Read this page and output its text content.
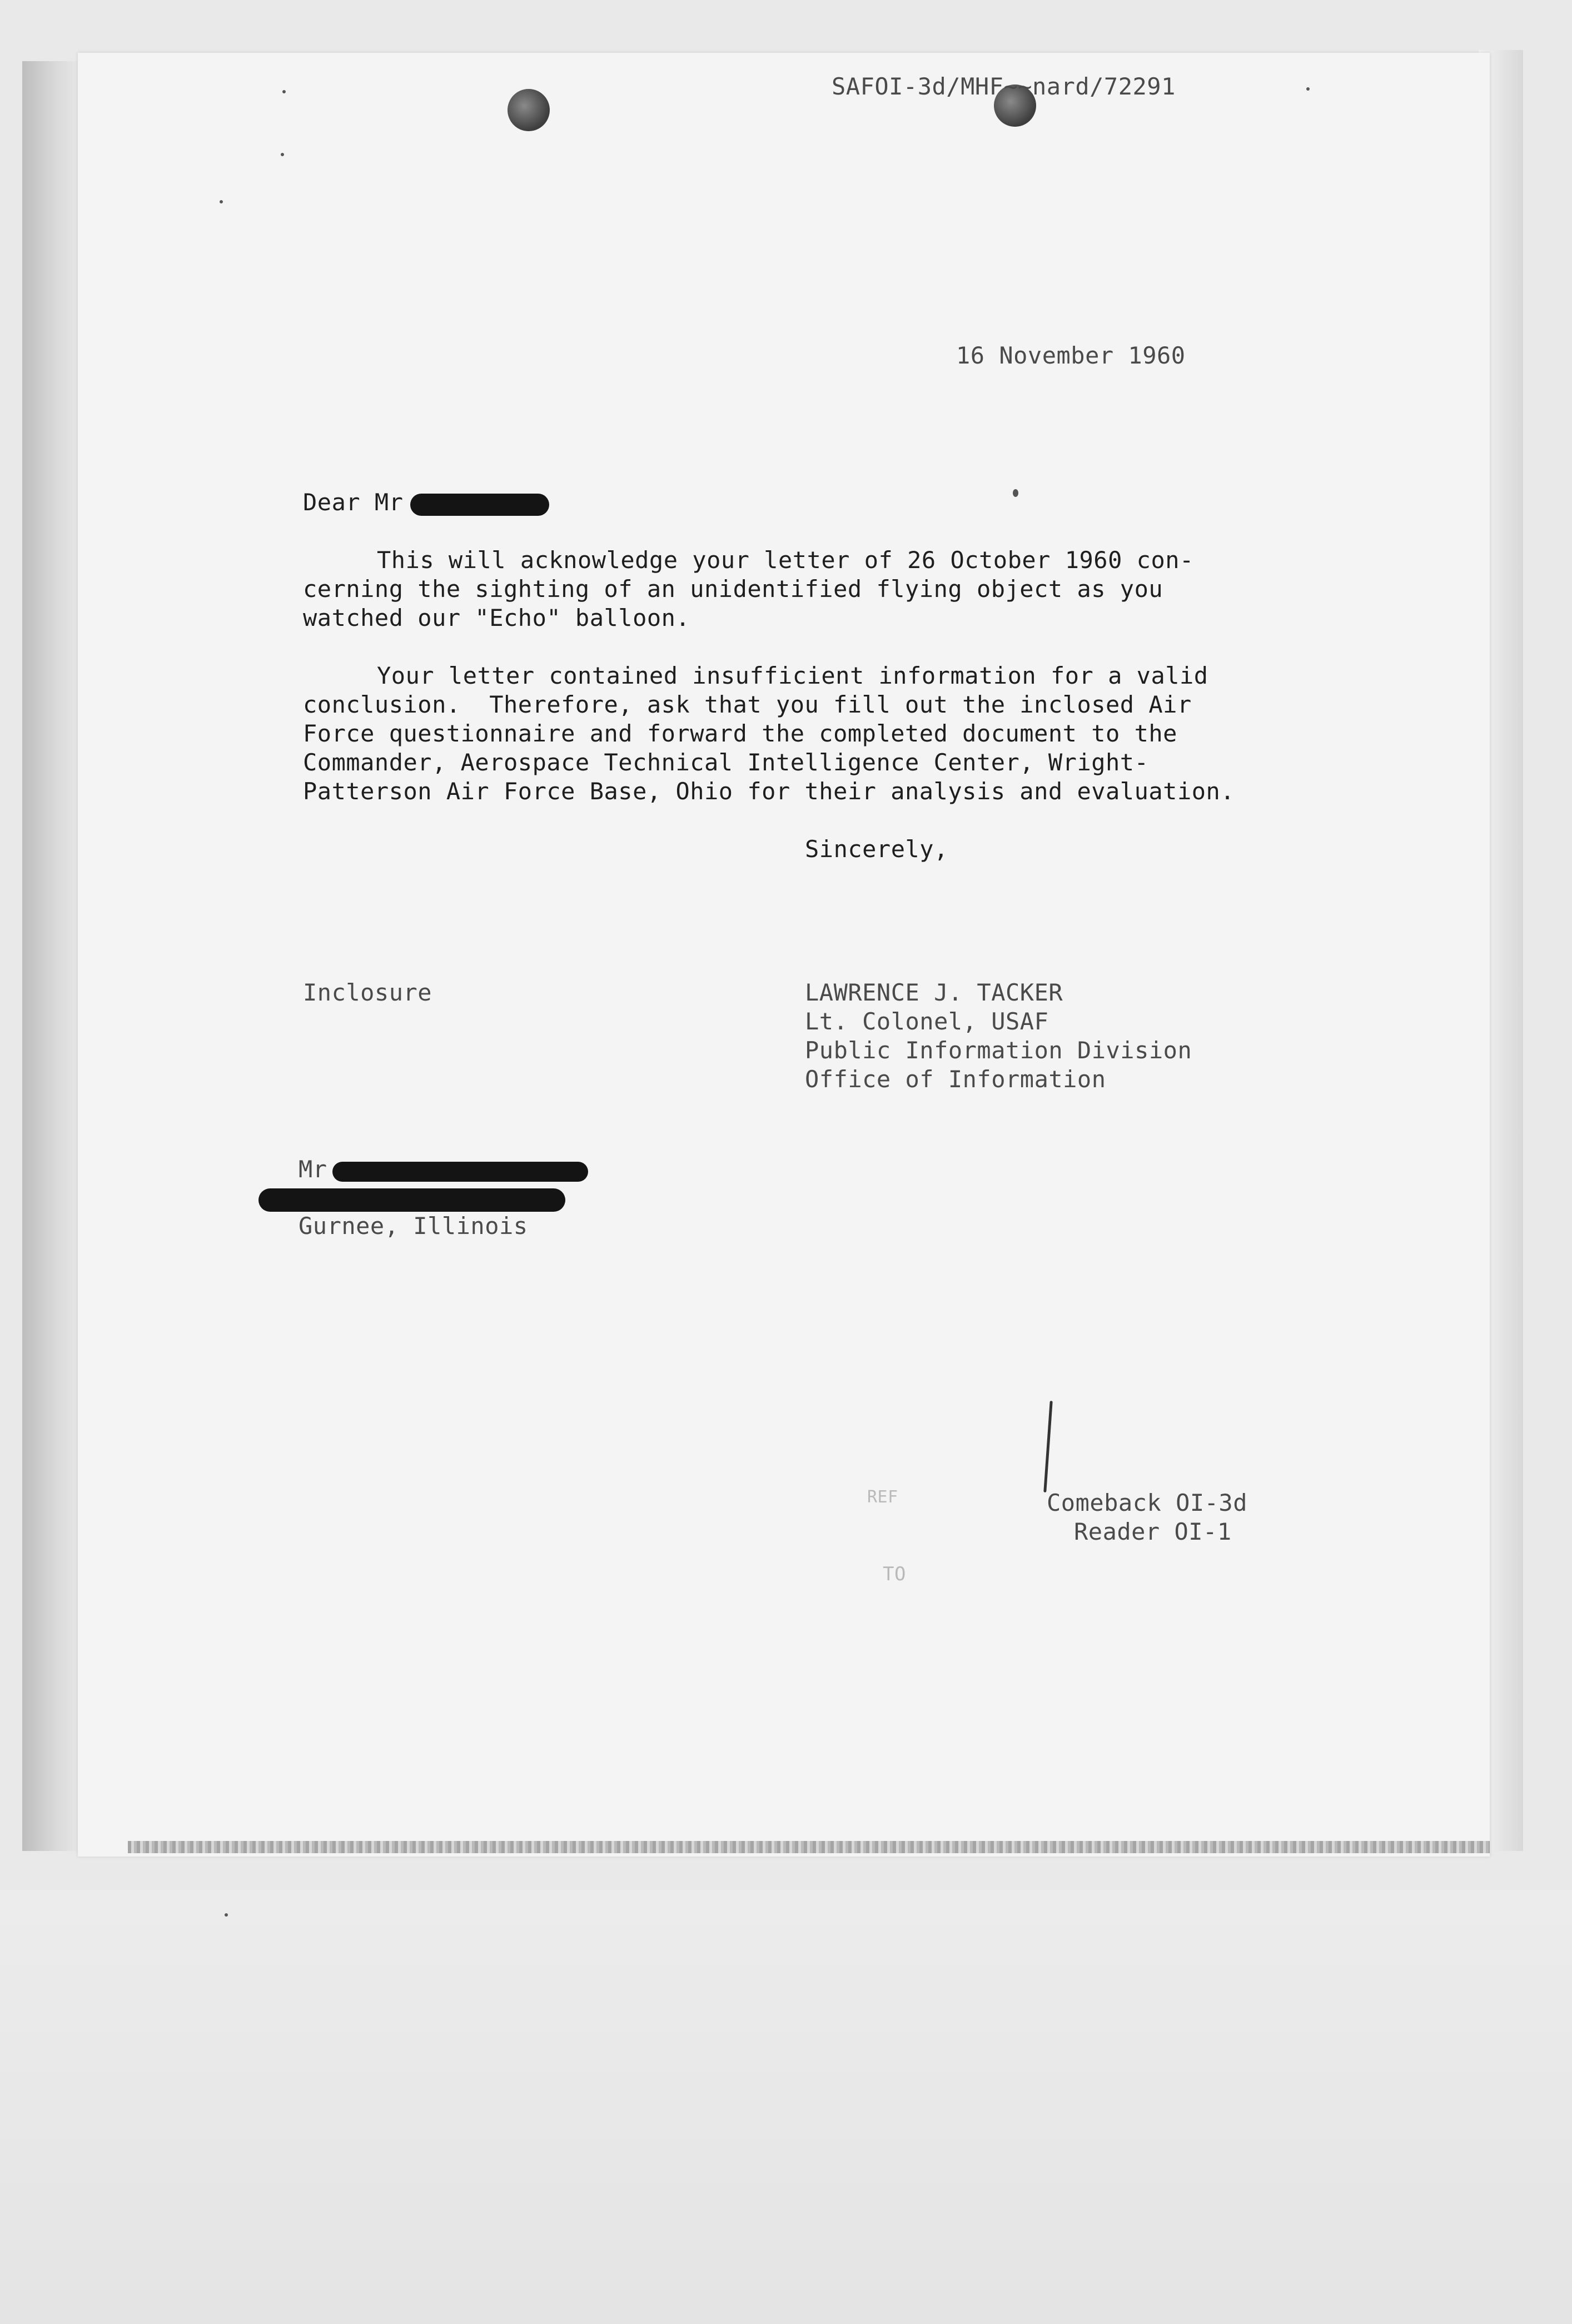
SAFOI-3d/MHF~~nard/72291
16 November 1960
Dear Mr
This will acknowledge your letter of 26 October 1960 con-
cerning the sighting of an unidentified flying object as you
watched our "Echo" balloon.
Your letter contained insufficient information for a valid
conclusion.  Therefore, ask that you fill out the inclosed Air
Force questionnaire and forward the completed document to the
Commander, Aerospace Technical Intelligence Center, Wright-
Patterson Air Force Base, Ohio for their analysis and evaluation.
Sincerely,
Inclosure	LAWRENCE J. TACKER
Lt. Colonel, USAF
Public Information Division
Office of Information
Mr
Gurnee, Illinois
Comeback OI-3d
Reader OI-1
REF
TO
